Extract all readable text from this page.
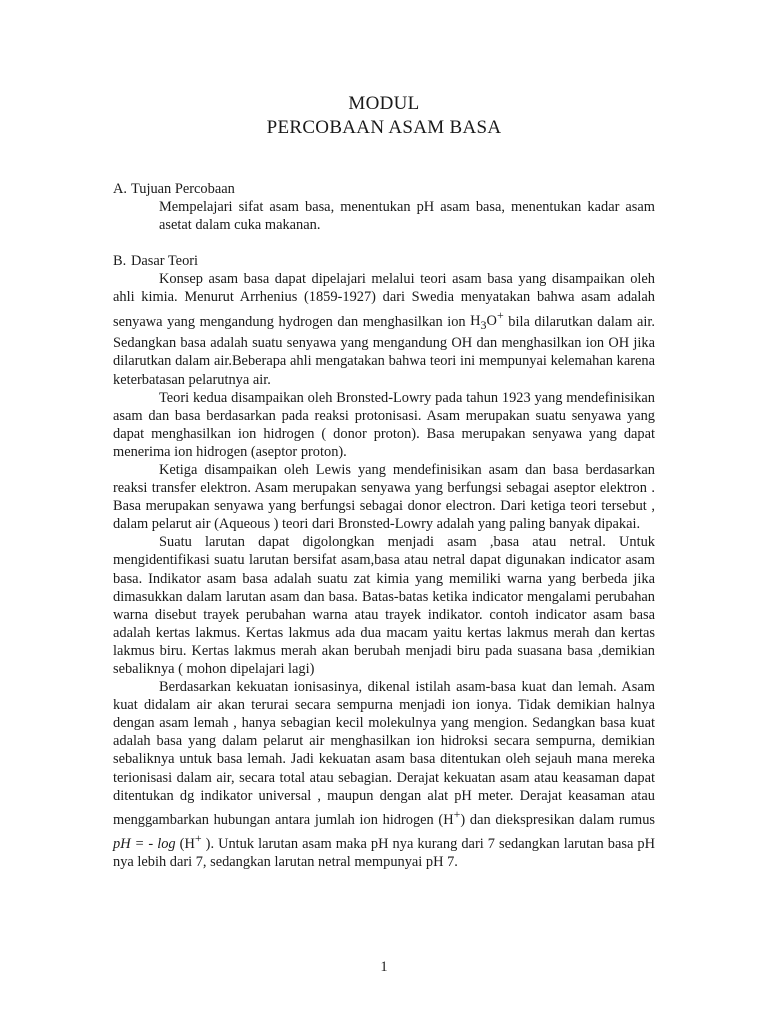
MODUL
PERCOBAAN ASAM BASA

A. Tujuan Percobaan

Mempelajari sifat asam basa, menentukan pH asam basa, menentukan kadar asam asetat dalam cuka makanan.

B. Dasar Teori

Konsep asam basa dapat dipelajari melalui teori asam basa yang disampaikan oleh ahli kimia. Menurut Arrhenius (1859-1927) dari Swedia menyatakan bahwa asam adalah senyawa yang mengandung hydrogen dan menghasilkan ion $H_3O^+$ bila dilarutkan dalam air. Sedangkan basa adalah suatu senyawa yang mengandung OH dan menghasilkan ion OH jika dilarutkan dalam air.Beberapa ahli mengatakan bahwa teori ini mempunyai kelemahan karena keterbatasan pelarutnya air.

Teori kedua disampaikan oleh Bronsted-Lowry pada tahun 1923 yang mendefinisikan asam dan basa berdasarkan pada reaksi protonisasi. Asam merupakan suatu senyawa yang dapat menghasilkan ion hidrogen ( donor proton). Basa merupakan senyawa yang dapat menerima ion hidrogen (aseptor proton).

Ketiga disampaikan oleh Lewis yang mendefinisikan asam dan basa berdasarkan reaksi transfer elektron. Asam merupakan senyawa yang berfungsi sebagai aseptor elektron . Basa merupakan senyawa yang berfungsi sebagai donor electron. Dari ketiga teori tersebut , dalam pelarut air (Aqueous ) teori dari Bronsted-Lowry adalah yang paling banyak dipakai.

Suatu larutan dapat digolongkan menjadi asam ,basa atau netral. Untuk mengidentifikasi suatu larutan bersifat asam,basa atau netral dapat digunakan indicator asam basa. Indikator asam basa adalah suatu zat kimia yang memiliki warna yang berbeda jika dimasukkan dalam larutan asam dan basa. Batas-batas ketika indicator mengalami perubahan warna disebut trayek perubahan warna atau trayek indikator. contoh indicator asam basa adalah kertas lakmus. Kertas lakmus ada dua macam yaitu kertas lakmus merah dan kertas lakmus biru. Kertas lakmus merah akan berubah menjadi biru pada suasana basa ,demikian sebaliknya ( mohon dipelajari lagi)

Berdasarkan kekuatan ionisasinya, dikenal istilah asam-basa kuat dan lemah. Asam kuat didalam air akan terurai secara sempurna menjadi ion ionya. Tidak demikian halnya dengan asam lemah , hanya sebagian kecil molekulnya yang mengion. Sedangkan basa kuat adalah basa yang dalam pelarut air menghasilkan ion hidroksi secara sempurna, demikian sebaliknya untuk basa lemah. Jadi kekuatan asam basa ditentukan oleh sejauh mana mereka terionisasi dalam air, secara total atau sebagian. Derajat kekuatan asam atau keasaman dapat ditentukan dg indikator universal , maupun dengan alat pH meter. Derajat keasaman atau menggambarkan hubungan antara jumlah ion hidrogen (H+) dan diekspresikan dalam rumus pH = - log (H+ ). Untuk larutan asam maka pH nya kurang dari 7 sedangkan larutan basa pH nya lebih dari 7, sedangkan larutan netral mempunyai pH 7.

1
